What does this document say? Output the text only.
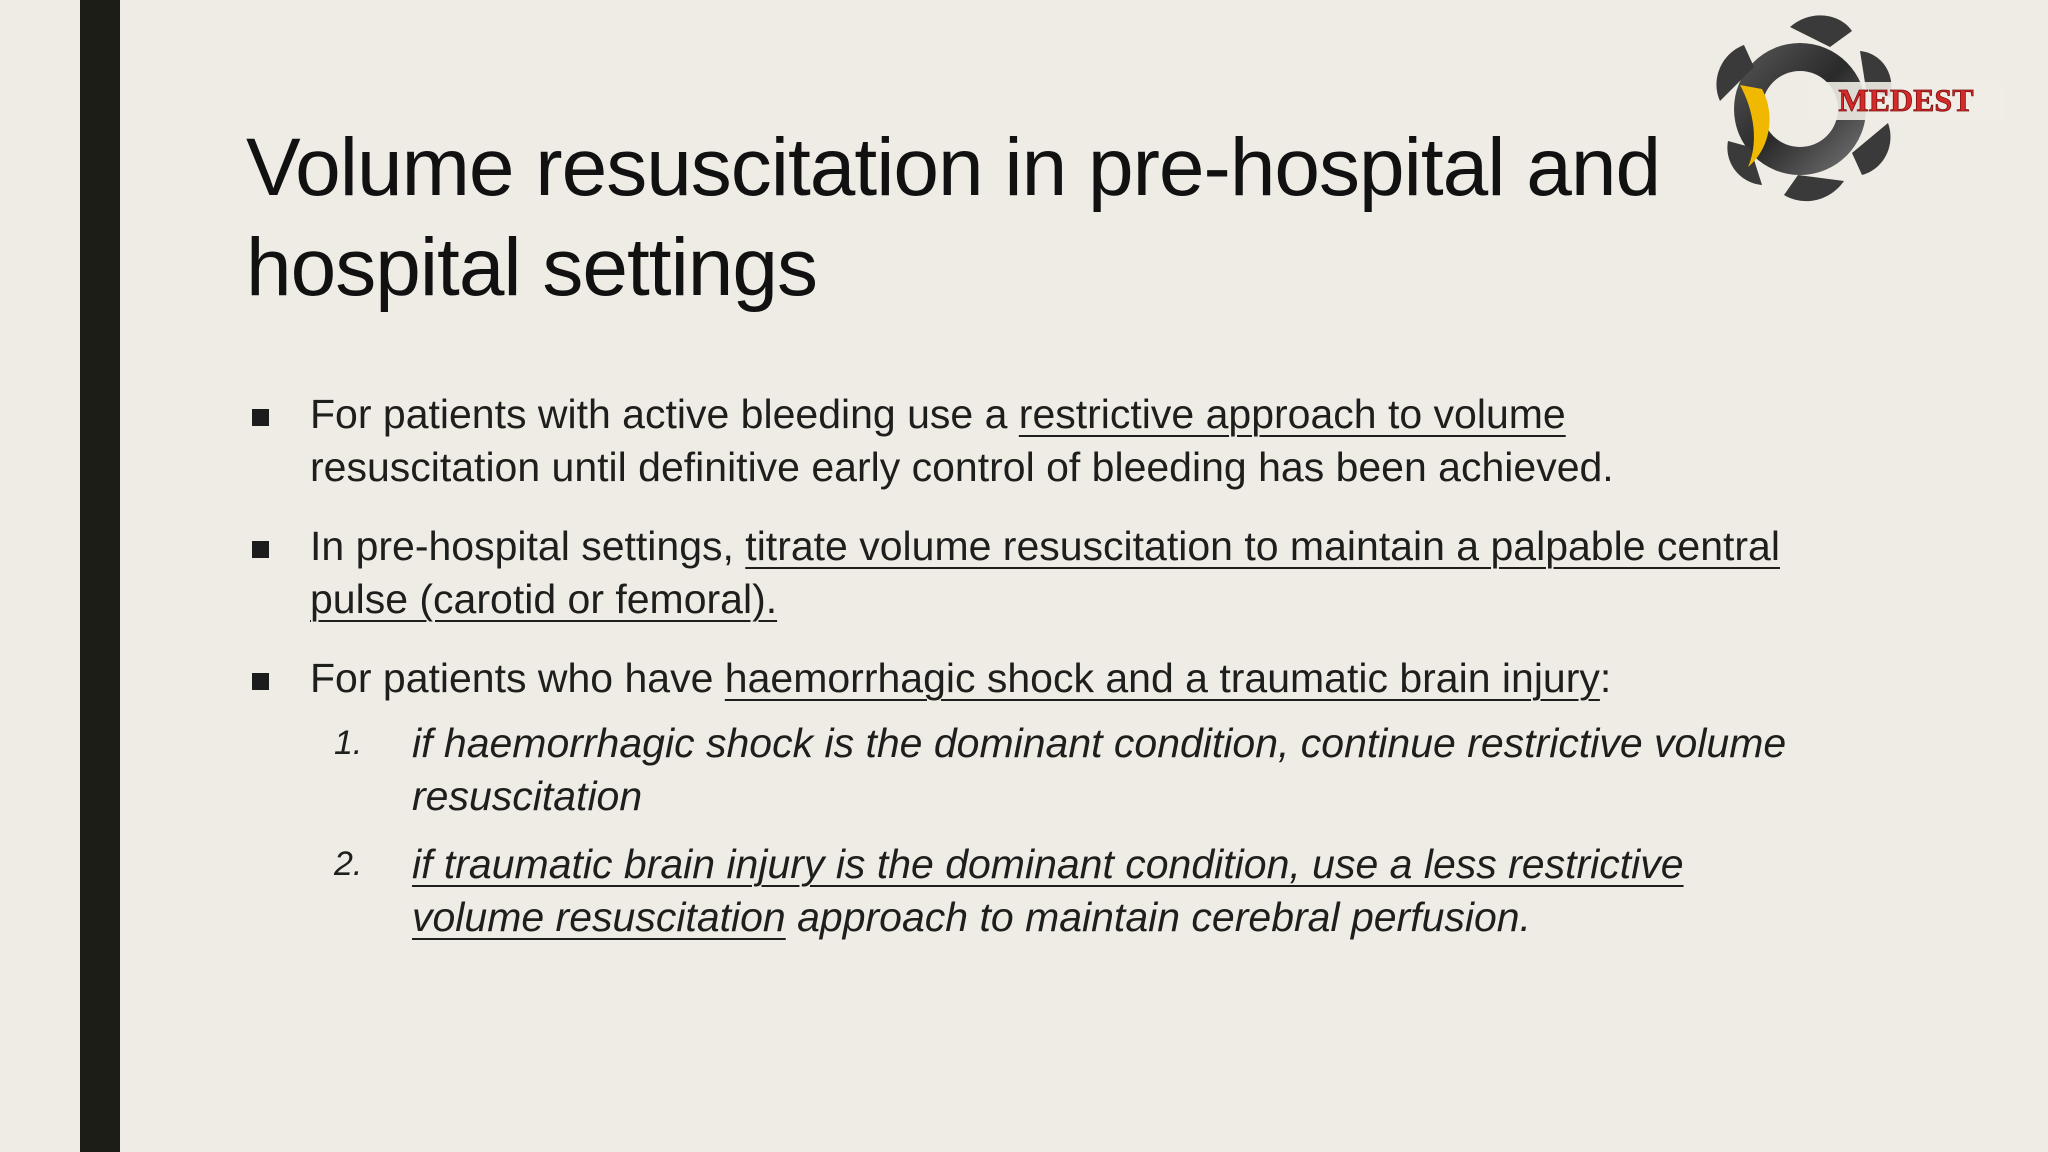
Volume resuscitation in pre-hospital and
hospital settings
MEDEST
For patients with active bleeding use a restrictive approach to volume resuscitation until definitive early control of bleeding has been achieved.
In pre-hospital settings, titrate volume resuscitation to maintain a palpable central pulse (carotid or femoral).
For patients who have haemorrhagic shock and a traumatic brain injury:
1. if haemorrhagic shock is the dominant condition, continue restrictive volume resuscitation
2. if traumatic brain injury is the dominant condition, use a less restrictive volume resuscitation approach to maintain cerebral perfusion.
